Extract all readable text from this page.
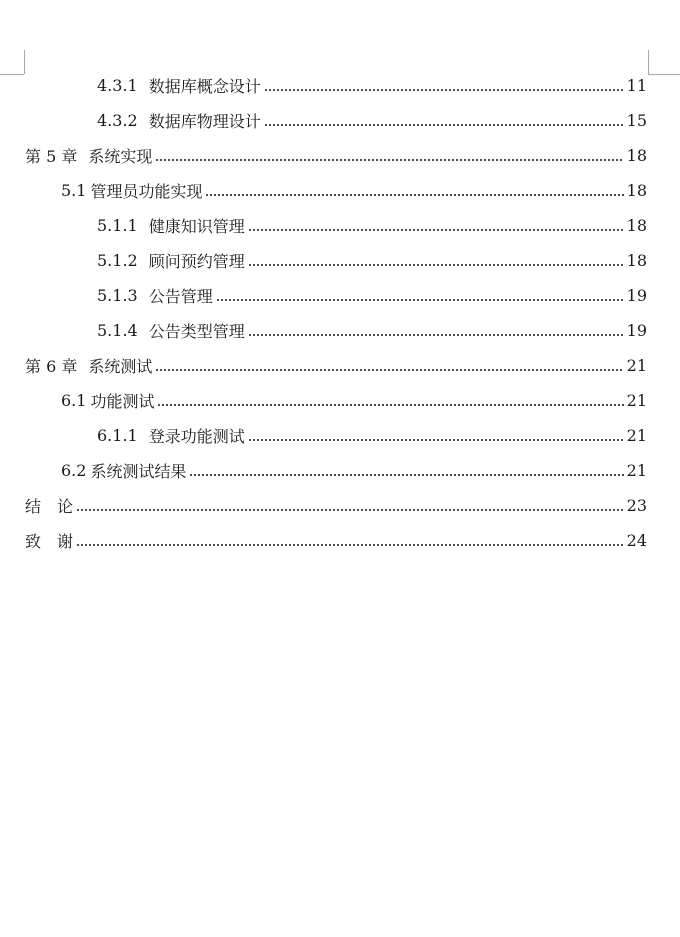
4.3.1 数据库概念设计	11
4.3.2 数据库物理设计	15
第 5 章 系统实现	18
5.1 管理员功能实现	18
5.1.1 健康知识管理	18
5.1.2 顾问预约管理	18
5.1.3 公告管理	19
5.1.4 公告类型管理	19
第 6 章 系统测试	21
6.1 功能测试	21
6.1.1 登录功能测试	21
6.2 系统测试结果	21
结　论	23
致　谢	24
